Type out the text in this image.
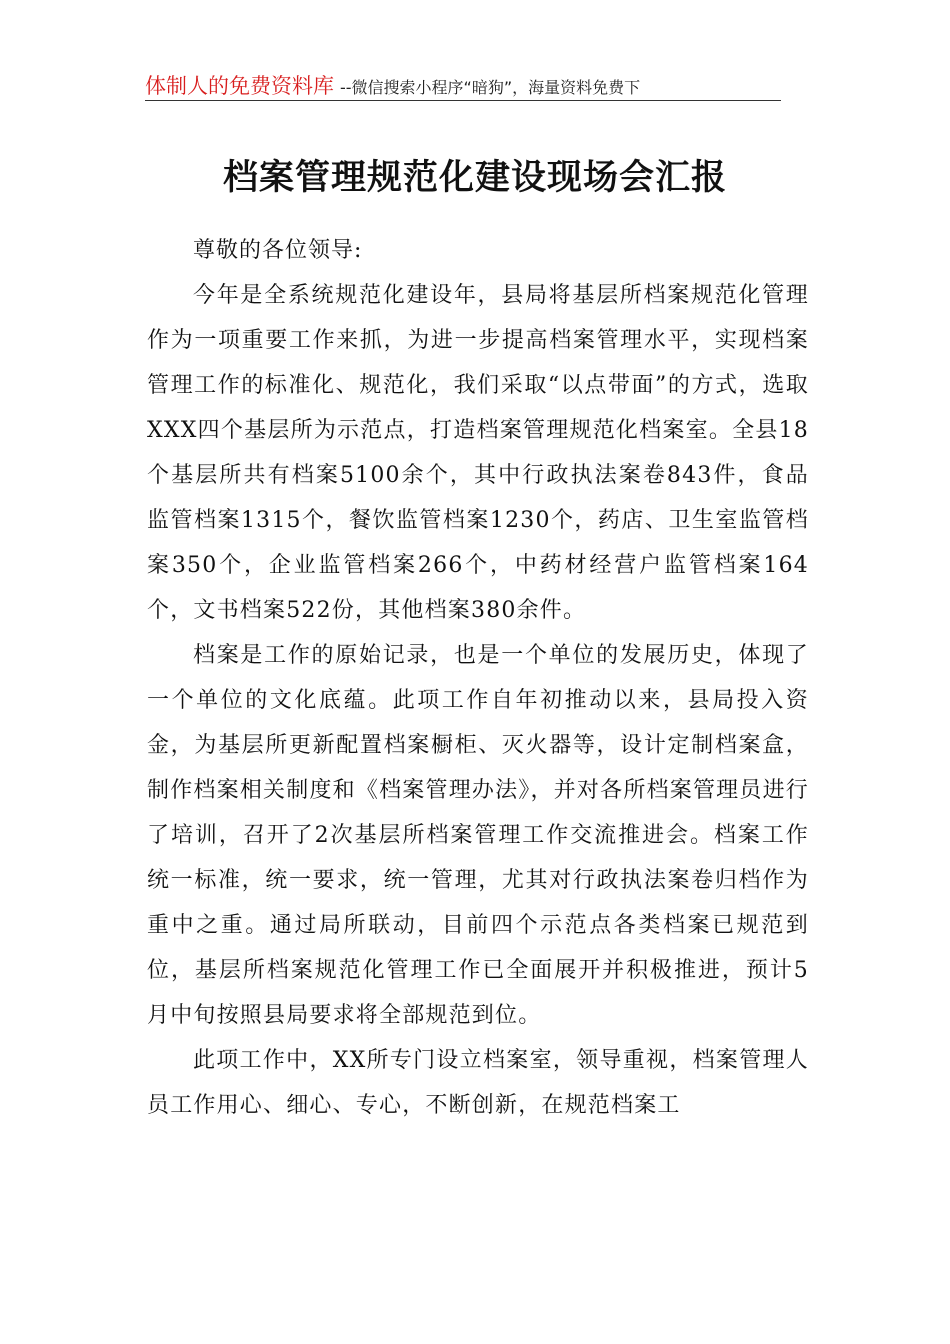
体制人的免费资料库 --微信搜索小程序“暗狗”，海量资料免费下
档案管理规范化建设现场会汇报

尊敬的各位领导:

今年是全系统规范化建设年，县局将基层所档案规范化管理作为一项重要工作来抓，为进一步提高档案管理水平，实现档案管理工作的标准化、规范化，我们采取“以点带面”的方式，选取XXX四个基层所为示范点，打造档案管理规范化档案室。全县18个基层所共有档案5100余个，其中行政执法案卷843件，食品监管档案1315个，餐饮监管档案1230个，药店、卫生室监管档案350个，企业监管档案266个，中药材经营户监管档案164个，文书档案522份，其他档案380余件。

档案是工作的原始记录，也是一个单位的发展历史，体现了一个单位的文化底蕴。此项工作自年初推动以来，县局投入资金，为基层所更新配置档案橱柜、灭火器等，设计定制档案盒，制作档案相关制度和《档案管理办法》，并对各所档案管理员进行了培训，召开了2次基层所档案管理工作交流推进会。档案工作统一标准，统一要求，统一管理，尤其对行政执法案卷归档作为重中之重。通过局所联动，目前四个示范点各类档案已规范到位，基层所档案规范化管理工作已全面展开并积极推进，预计5月中旬按照县局要求将全部规范到位。

此项工作中，XX所专门设立档案室，领导重视，档案管理人员工作用心、细心、专心，不断创新，在规范档案工
